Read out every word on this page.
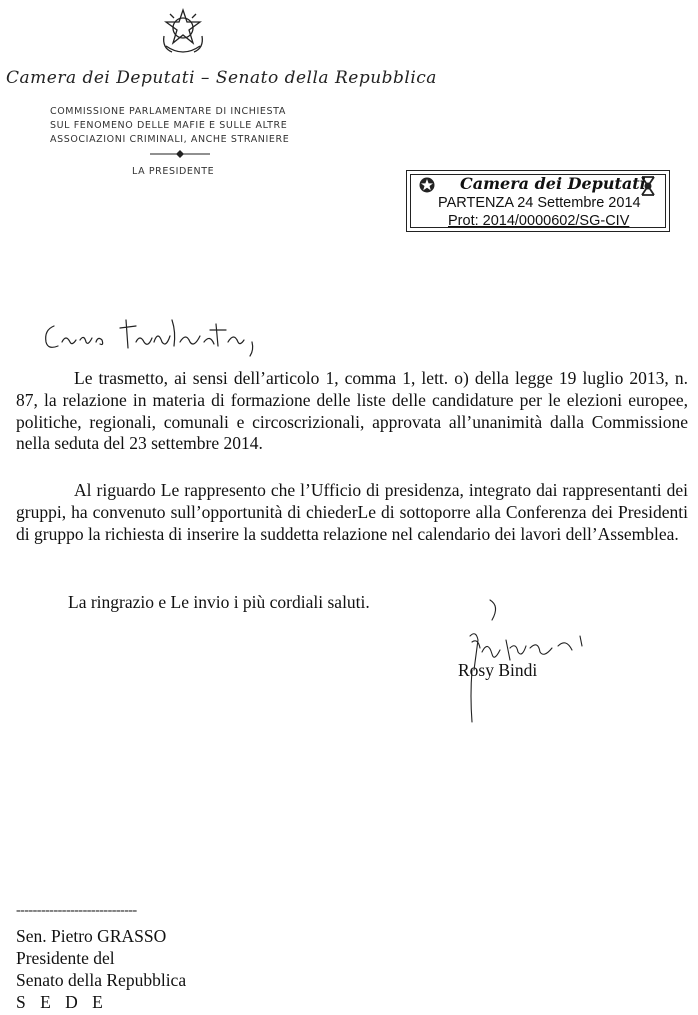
Camera dei Deputati – Senato della Repubblica
COMMISSIONE PARLAMENTARE DI INCHIESTA
SUL FENOMENO DELLE MAFIE E SULLE ALTRE
ASSOCIAZIONI CRIMINALI, ANCHE STRANIERE
LA PRESIDENTE
Camera dei Deputati
PARTENZA 24 Settembre 2014
Prot: 2014/0000602/SG-CIV
Le trasmetto, ai sensi dell’articolo 1, comma 1, lett. o) della legge 19 luglio 2013, n. 87, la relazione in materia di formazione delle liste delle candidature per le elezioni europee, politiche, regionali, comunali e circoscrizionali, approvata all’unanimità dalla Commissione nella seduta del 23 settembre 2014.
Al riguardo Le rappresento che l’Ufficio di presidenza, integrato dai rappresentanti dei gruppi, ha convenuto sull’opportunità di chiederLe di sottoporre alla Conferenza dei Presidenti di gruppo la richiesta di inserire la suddetta relazione nel calendario dei lavori dell’Assemblea.
La ringrazio e Le invio i più cordiali saluti.
Rosy Bindi
-----------------------------
Sen. Pietro GRASSO
Presidente del
Senato della Repubblica
S E D E
